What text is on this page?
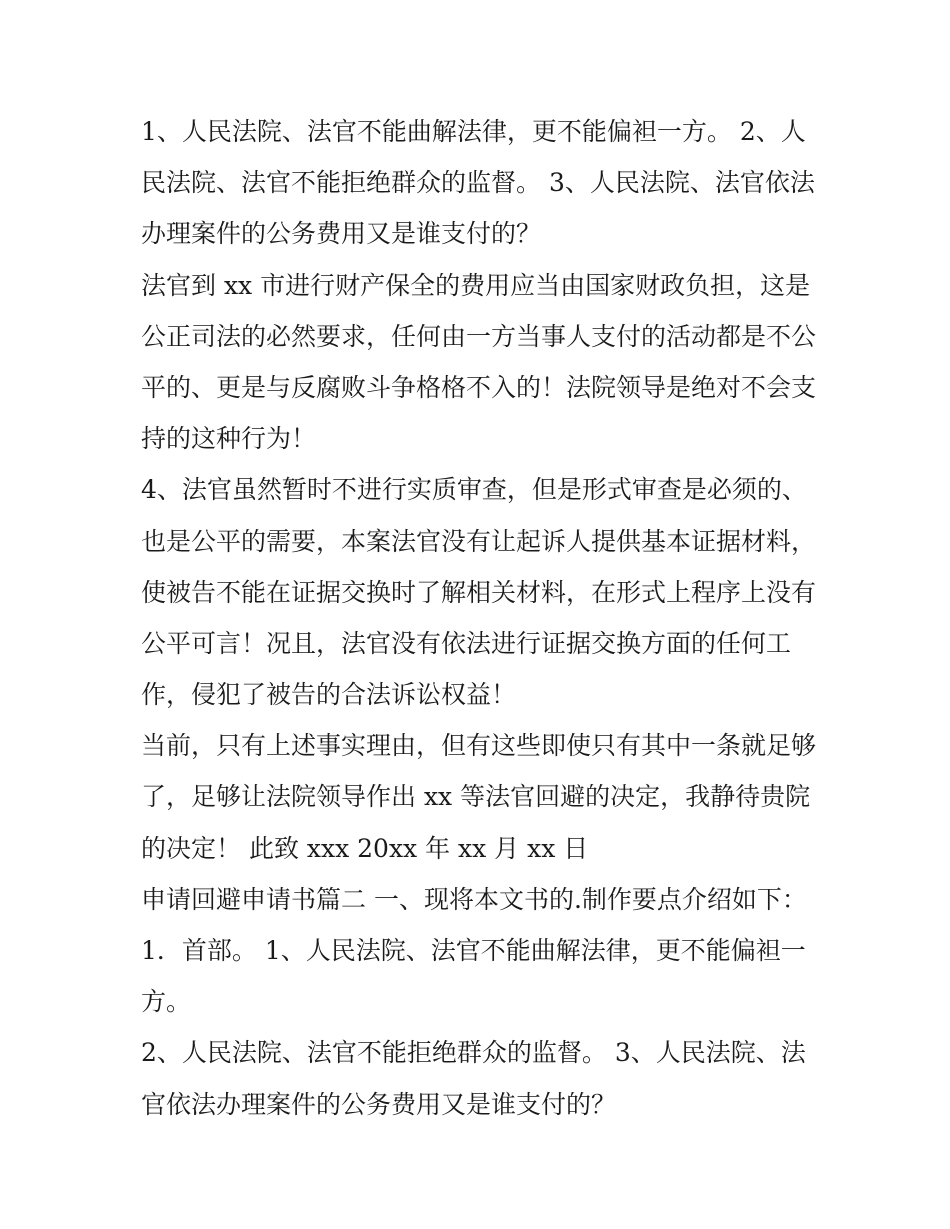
1、人民法院、法官不能曲解法律，更不能偏袒一方。 2、人
民法院、法官不能拒绝群众的监督。 3、人民法院、法官依法
办理案件的公务费用又是谁支付的？
法官到 xx 市进行财产保全的费用应当由国家财政负担，这是
公正司法的必然要求，任何由一方当事人支付的活动都是不公
平的、更是与反腐败斗争格格不入的！法院领导是绝对不会支
持的这种行为！
4、法官虽然暂时不进行实质审查，但是形式审查是必须的、
也是公平的需要，本案法官没有让起诉人提供基本证据材料，
使被告不能在证据交换时了解相关材料，在形式上程序上没有
公平可言！况且，法官没有依法进行证据交换方面的任何工
作，侵犯了被告的合法诉讼权益！
当前，只有上述事实理由，但有这些即使只有其中一条就足够
了，足够让法院领导作出 xx 等法官回避的决定，我静待贵院
的决定！ 此致 xxx 20xx 年 xx 月 xx 日
申请回避申请书篇二 一、现将本文书的.制作要点介绍如下：
1．首部。 1、人民法院、法官不能曲解法律，更不能偏袒一
方。
2、人民法院、法官不能拒绝群众的监督。 3、人民法院、法
官依法办理案件的公务费用又是谁支付的？
